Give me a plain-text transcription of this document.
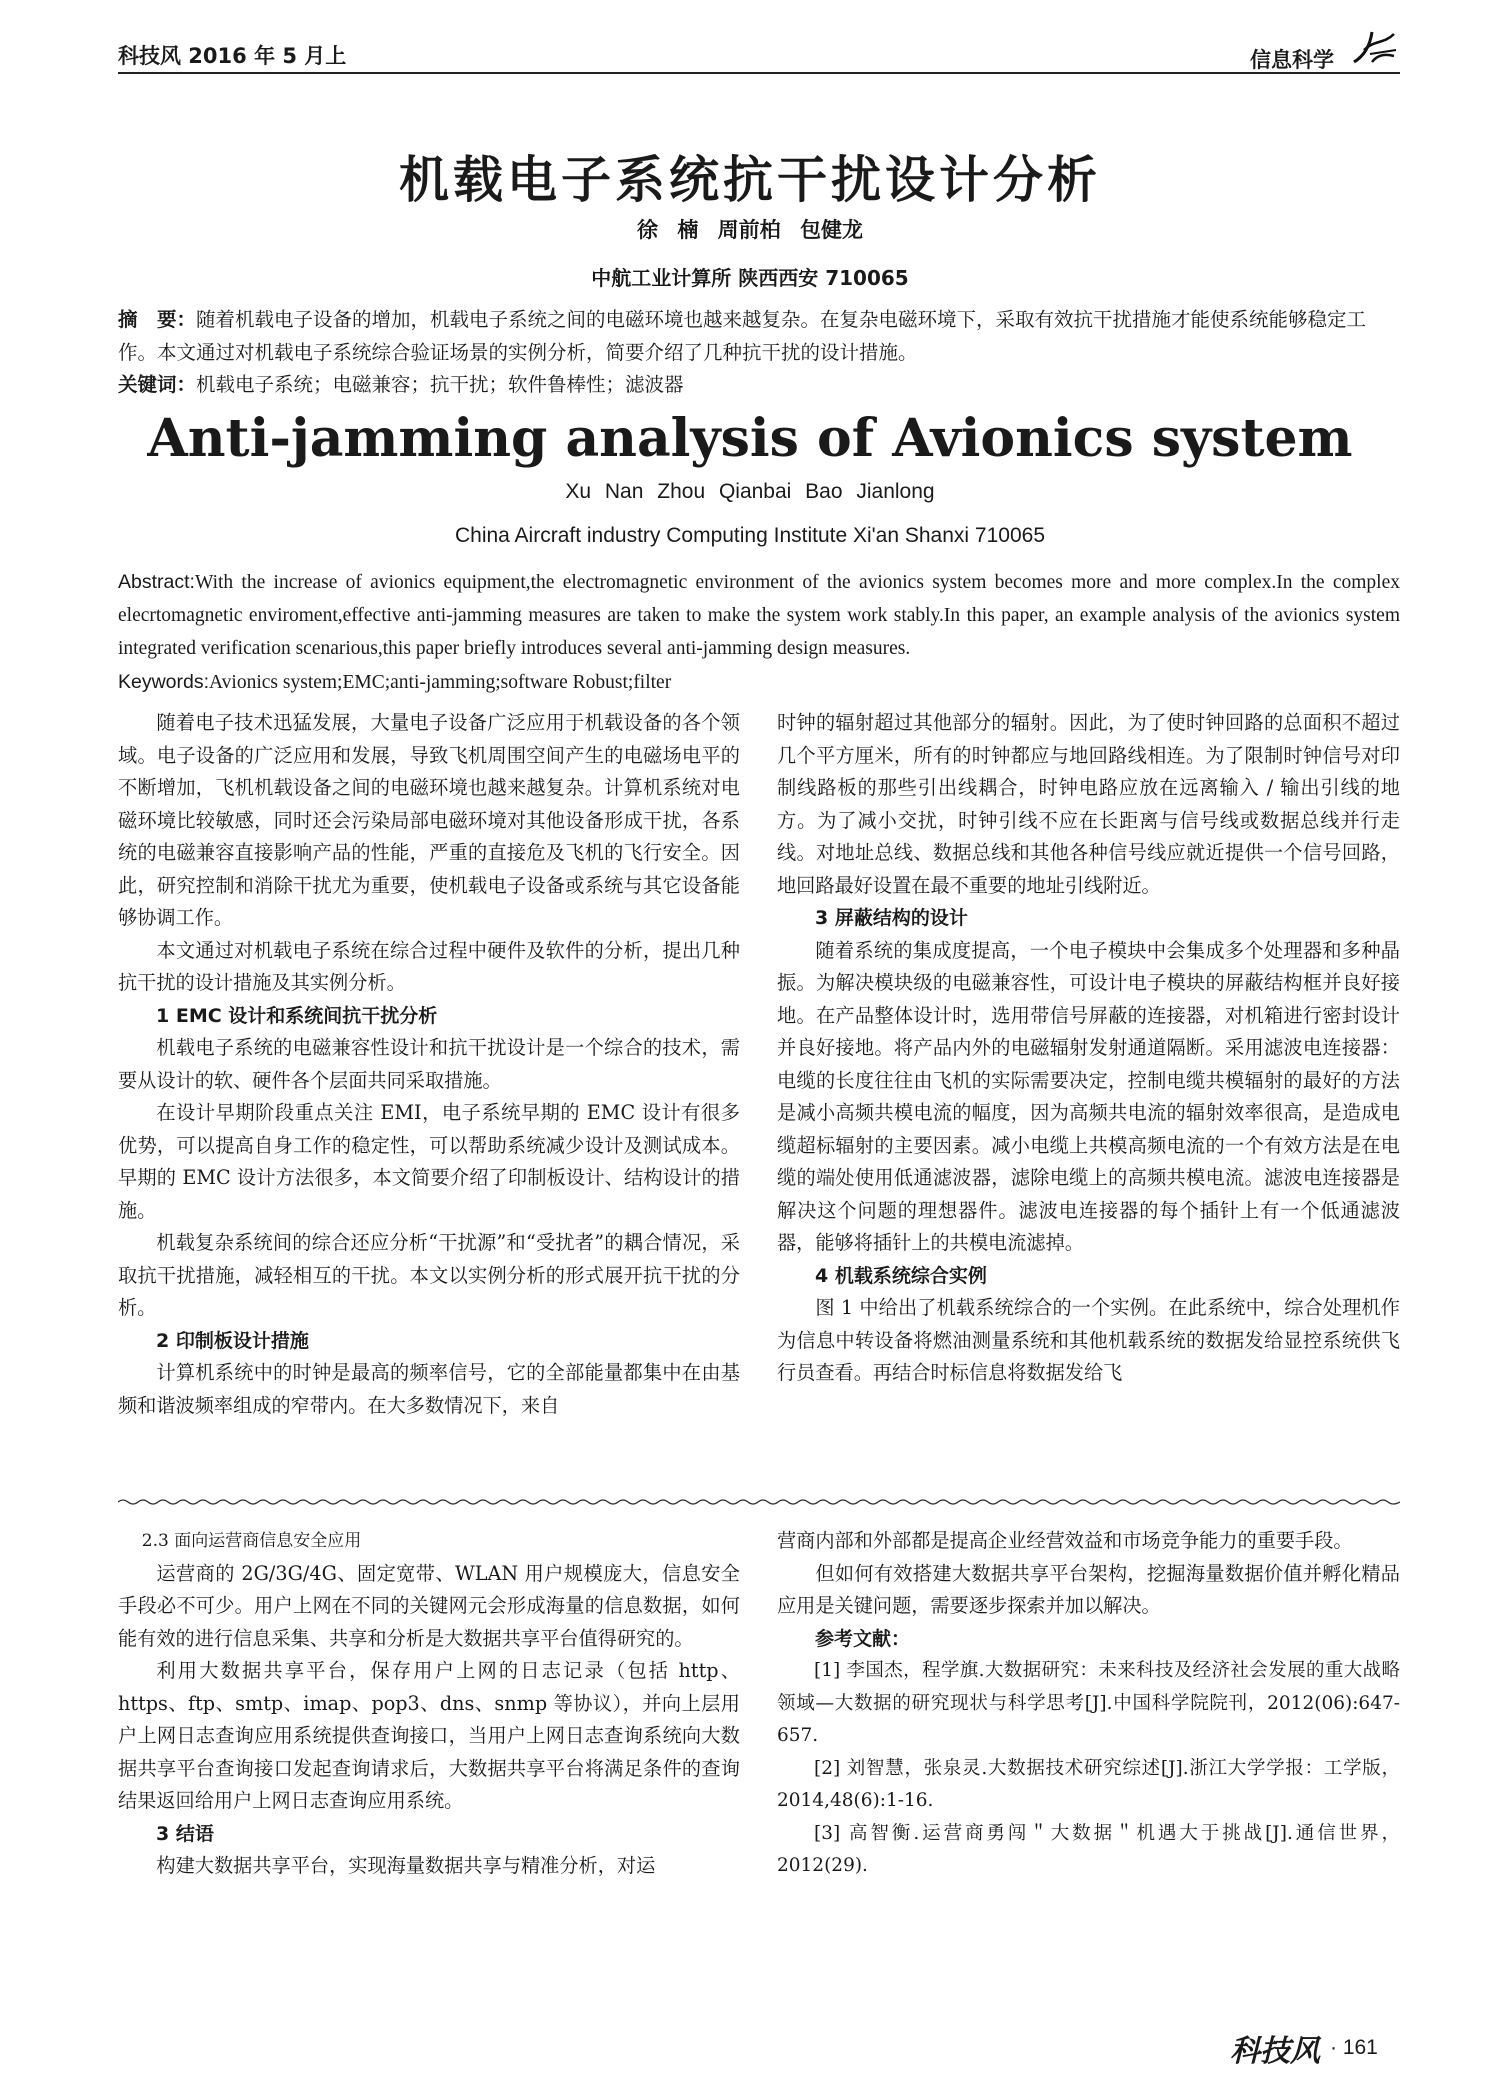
科技风 2016 年 5 月上	信息科学
机载电子系统抗干扰设计分析
徐 楠 周前柏 包健龙
中航工业计算所 陕西西安 710065
摘　要：随着机载电子设备的增加，机载电子系统之间的电磁环境也越来越复杂。在复杂电磁环境下，采取有效抗干扰措施才能使系统能够稳定工作。本文通过对机载电子系统综合验证场景的实例分析，简要介绍了几种抗干扰的设计措施。
关键词：机载电子系统；电磁兼容；抗干扰；软件鲁棒性；滤波器
Anti-jamming analysis of Avionics system
Xu Nan Zhou Qianbai Bao Jianlong
China Aircraft industry Computing Institute Xi'an Shanxi 710065
Abstract:With the increase of avionics equipment,the electromagnetic environment of the avionics system becomes more and more complex.In the complex elecrtomagnetic enviroment,effective anti-jamming measures are taken to make the system work stably.In this paper, an example analysis of the avionics system integrated verification scenarious,this paper briefly introduces several anti-jamming design measures.
Keywords:Avionics system;EMC;anti-jamming;software Robust;filter

随着电子技术迅猛发展，大量电子设备广泛应用于机载设备的各个领域。电子设备的广泛应用和发展，导致飞机周围空间产生的电磁场电平的不断增加，飞机机载设备之间的电磁环境也越来越复杂。计算机系统对电磁环境比较敏感，同时还会污染局部电磁环境对其他设备形成干扰，各系统的电磁兼容直接影响产品的性能，严重的直接危及飞机的飞行安全。因此，研究控制和消除干扰尤为重要，使机载电子设备或系统与其它设备能够协调工作。

本文通过对机载电子系统在综合过程中硬件及软件的分析，提出几种抗干扰的设计措施及其实例分析。

1 EMC 设计和系统间抗干扰分析

机载电子系统的电磁兼容性设计和抗干扰设计是一个综合的技术，需要从设计的软、硬件各个层面共同采取措施。

在设计早期阶段重点关注 EMI，电子系统早期的 EMC 设计有很多优势，可以提高自身工作的稳定性，可以帮助系统减少设计及测试成本。早期的 EMC 设计方法很多，本文简要介绍了印制板设计、结构设计的措施。

机载复杂系统间的综合还应分析“干扰源”和“受扰者”的耦合情况，采取抗干扰措施，减轻相互的干扰。本文以实例分析的形式展开抗干扰的分析。

2 印制板设计措施

计算机系统中的时钟是最高的频率信号，它的全部能量都集中在由基频和谐波频率组成的窄带内。在大多数情况下，来自

时钟的辐射超过其他部分的辐射。因此，为了使时钟回路的总面积不超过几个平方厘米，所有的时钟都应与地回路线相连。为了限制时钟信号对印制线路板的那些引出线耦合，时钟电路应放在远离输入 / 输出引线的地方。为了减小交扰，时钟引线不应在长距离与信号线或数据总线并行走线。对地址总线、数据总线和其他各种信号线应就近提供一个信号回路，地回路最好设置在最不重要的地址引线附近。

3 屏蔽结构的设计

随着系统的集成度提高，一个电子模块中会集成多个处理器和多种晶振。为解决模块级的电磁兼容性，可设计电子模块的屏蔽结构框并良好接地。在产品整体设计时，选用带信号屏蔽的连接器，对机箱进行密封设计并良好接地。将产品内外的电磁辐射发射通道隔断。采用滤波电连接器：电缆的长度往往由飞机的实际需要决定，控制电缆共模辐射的最好的方法是减小高频共模电流的幅度，因为高频共电流的辐射效率很高，是造成电缆超标辐射的主要因素。减小电缆上共模高频电流的一个有效方法是在电缆的端处使用低通滤波器，滤除电缆上的高频共模电流。滤波电连接器是解决这个问题的理想器件。滤波电连接器的每个插针上有一个低通滤波器，能够将插针上的共模电流滤掉。

4 机载系统综合实例

图 1 中给出了机载系统综合的一个实例。在此系统中，综合处理机作为信息中转设备将燃油测量系统和其他机载系统的数据发给显控系统供飞行员查看。再结合时标信息将数据发给飞

2.3 面向运营商信息安全应用

运营商的 2G/3G/4G、固定宽带、WLAN 用户规模庞大，信息安全手段必不可少。用户上网在不同的关键网元会形成海量的信息数据，如何能有效的进行信息采集、共享和分析是大数据共享平台值得研究的。

利用大数据共享平台，保存用户上网的日志记录（包括 http、https、ftp、smtp、imap、pop3、dns、snmp 等协议），并向上层用户上网日志查询应用系统提供查询接口，当用户上网日志查询系统向大数据共享平台查询接口发起查询请求后，大数据共享平台将满足条件的查询结果返回给用户上网日志查询应用系统。

3 结语

构建大数据共享平台，实现海量数据共享与精准分析，对运

营商内部和外部都是提高企业经营效益和市场竞争能力的重要手段。

但如何有效搭建大数据共享平台架构，挖掘海量数据价值并孵化精品应用是关键问题，需要逐步探索并加以解决。

参考文献：

[1] 李国杰，程学旗.大数据研究：未来科技及经济社会发展的重大战略领域—大数据的研究现状与科学思考[J].中国科学院院刊，2012(06):647-657.

[2] 刘智慧，张泉灵.大数据技术研究综述[J].浙江大学学报：工学版，2014,48(6):1-16.

[3] 高智衡.运营商勇闯＂大数据＂机遇大于挑战[J].通信世界，2012(29).

科技风 · 161
